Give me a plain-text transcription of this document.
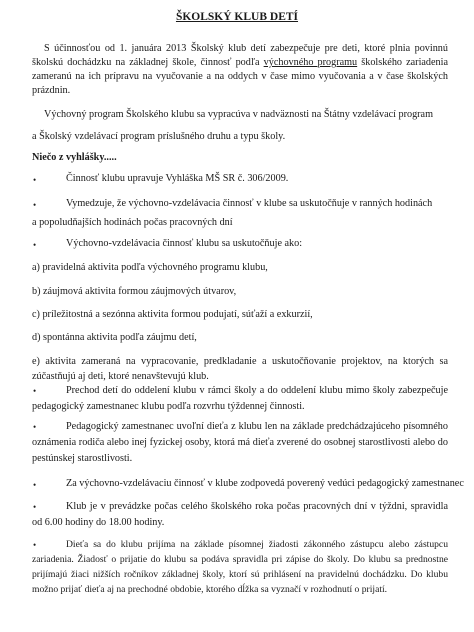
ŠKOLSKÝ KLUB DETÍ
S účinnosťou od 1. januára 2013 Školský klub detí zabezpečuje pre deti, ktoré plnia povinnú školskú dochádzku na základnej škole, činnosť podľa výchovného programu školského zariadenia zameranú na ich prípravu na vyučovanie a na oddych v čase mimo vyučovania a v čase školských prázdnin.
Výchovný program Školského klubu sa vypracúva v nadväznosti na Štátny vzdelávací program
a Školský vzdelávací program príslušného druhu a typu školy.
Niečo z vyhlášky.....
•	Činnosť klubu upravuje Vyhláška MŠ SR č. 306/2009.
•	Vymedzuje, že výchovno-vzdelávacia činnosť v klube sa uskutočňuje v ranných hodinách
a popoludňajších hodinách počas pracovných dní
•	Výchovno-vzdelávacia činnosť klubu sa uskutočňuje ako:
a) pravidelná aktivita podľa výchovného programu klubu,
b) záujmová aktivita formou záujmových útvarov,
c) príležitostná a sezónna aktivita formou podujatí, súťaží a exkurzií,
d) spontánna aktivita podľa záujmu detí,
e) aktivita zameraná na vypracovanie, predkladanie a uskutočňovanie projektov, na ktorých sa zúčastňujú aj deti, ktoré nenavštevujú klub.
•	Prechod detí do oddelení klubu v rámci školy a do oddelení klubu mimo školy zabezpečuje pedagogický zamestnanec klubu podľa rozvrhu týždennej činnosti.
•	Pedagogický zamestnanec uvoľní dieťa z klubu len na základe predchádzajúceho písomného oznámenia rodiča alebo inej fyzickej osoby, ktorá má dieťa zverené do osobnej starostlivosti alebo do pestúnskej starostlivosti.
•	Za výchovno-vzdelávaciu činnosť v klube zodpovedá poverený vedúci pedagogický zamestnanec
•	Klub je v prevádzke počas celého školského roka počas pracovných dní v týždni, spravidla od 6.00 hodiny do 18.00 hodiny.
•	Dieťa sa do klubu prijíma na základe písomnej žiadosti zákonného zástupcu alebo zástupcu zariadenia. Žiadosť o prijatie do klubu sa podáva spravidla pri zápise do školy. Do klubu sa prednostne prijímajú žiaci nižších ročníkov základnej školy, ktorí sú prihlásení na pravidelnú dochádzku. Do klubu možno prijať dieťa aj na prechodné obdobie, ktorého dĺžka sa vyznačí v rozhodnutí o prijatí.
